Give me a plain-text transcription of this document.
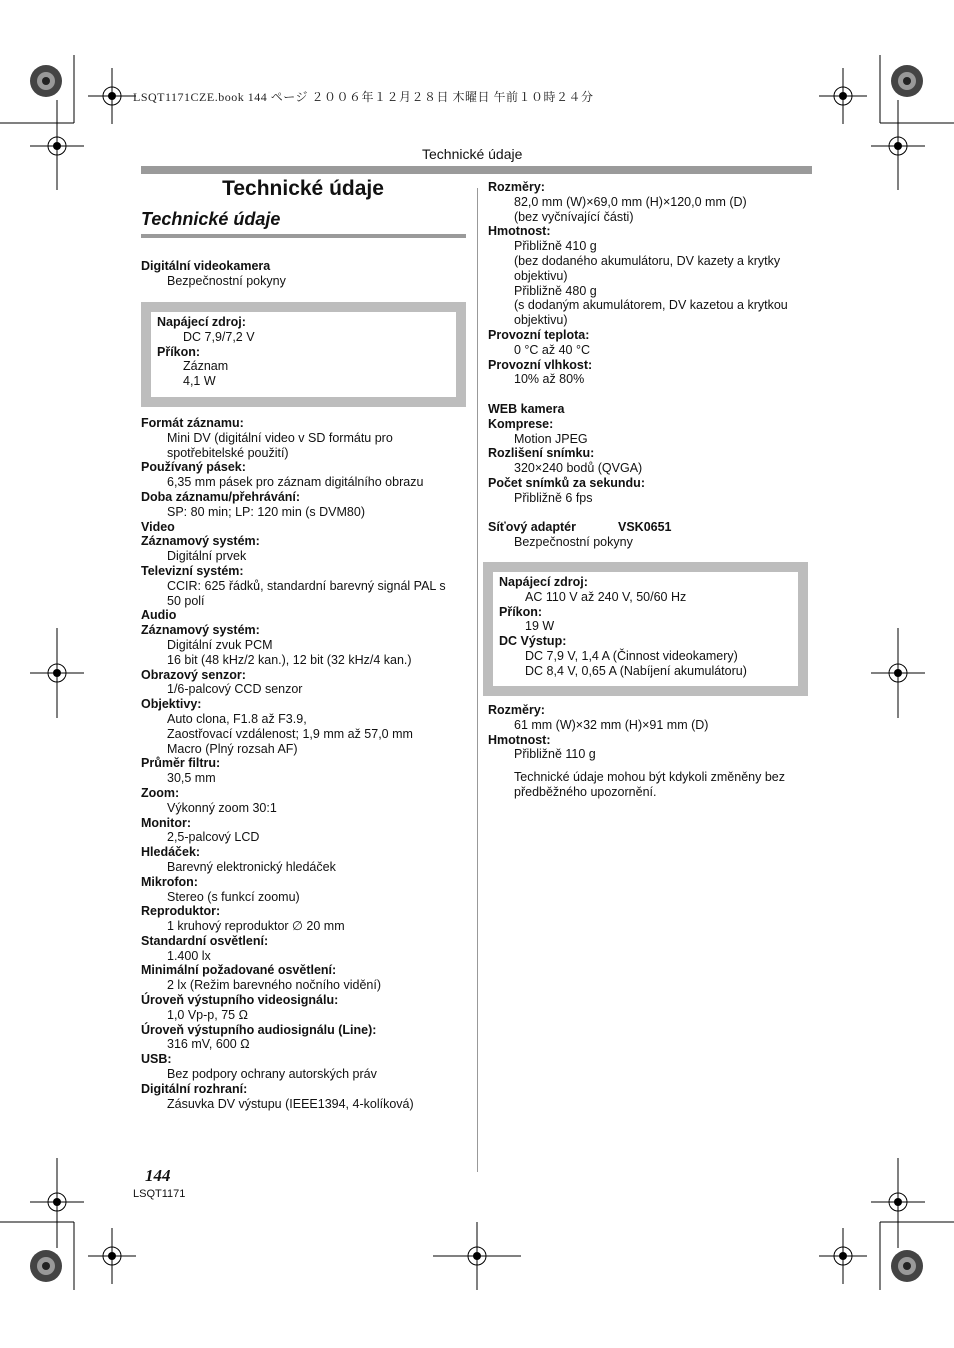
LSQT1171CZE.book 144 ページ ２００６年１２月２８日 木曜日 午前１０時２４分
Technické údaje
Technické údaje
Technické údaje
Digitální videokamera
Bezpečnostní pokyny
Napájecí zdroj:
DC 7,9/7,2 V
Příkon:
Záznam
4,1 W
Formát záznamu:
Mini DV (digitální video v SD formátu pro
spotřebitelské použití)
Používaný pásek:
6,35 mm pásek pro záznam digitálního obrazu
Doba záznamu/přehrávání:
SP: 80 min; LP: 120 min (s DVM80)
Video
Záznamový systém:
Digitální prvek
Televizní systém:
CCIR: 625 řádků, standardní barevný signál PAL s
50 polí
Audio
Záznamový systém:
Digitální zvuk PCM
16 bit (48 kHz/2 kan.), 12 bit (32 kHz/4 kan.)
Obrazový senzor:
1/6-palcový CCD senzor
Objektivy:
Auto clona, F1.8 až F3.9,
Zaostřovací vzdálenost; 1,9 mm až 57,0 mm
Macro (Plný rozsah AF)
Průměr filtru:
30,5 mm
Zoom:
Výkonný zoom 30:1
Monitor:
2,5-palcový LCD
Hledáček:
Barevný elektronický hledáček
Mikrofon:
Stereo (s funkcí zoomu)
Reproduktor:
1 kruhový reproduktor ∅ 20 mm
Standardní osvětlení:
1.400 lx
Minimální požadované osvětlení:
2 lx (Režim barevného nočního vidění)
Úroveň výstupního videosignálu:
1,0 Vp-p, 75 Ω
Úroveň výstupního audiosignálu (Line):
316 mV, 600 Ω
USB:
Bez podpory ochrany autorských práv
Digitální rozhraní:
Zásuvka DV výstupu (IEEE1394, 4-kolíková)
Rozměry:
82,0 mm (W)×69,0 mm (H)×120,0 mm (D)
(bez vyčnívající části)
Hmotnost:
Přibližně 410 g
(bez dodaného akumulátoru, DV kazety a krytky
objektivu)
Přibližně 480 g
(s dodaným akumulátorem, DV kazetou a krytkou
objektivu)
Provozní teplota:
0 °C až 40 °C
Provozní vlhkost:
10% až 80%
WEB kamera
Komprese:
Motion JPEG
Rozlišení snímku:
320×240 bodů (QVGA)
Počet snímků za sekundu:
Přibližně 6 fps
Síťový adaptér	VSK0651
Bezpečnostní pokyny
Napájecí zdroj:
AC 110 V až 240 V, 50/60 Hz
Příkon:
19 W
DC Výstup:
DC 7,9 V, 1,4 A (Činnost videokamery)
DC 8,4 V, 0,65 A (Nabíjení akumulátoru)
Rozměry:
61 mm (W)×32 mm (H)×91 mm (D)
Hmotnost:
Přibližně 110 g
Technické údaje mohou být kdykoli změněny bez
předběžného upozornění.
144
LSQT1171
